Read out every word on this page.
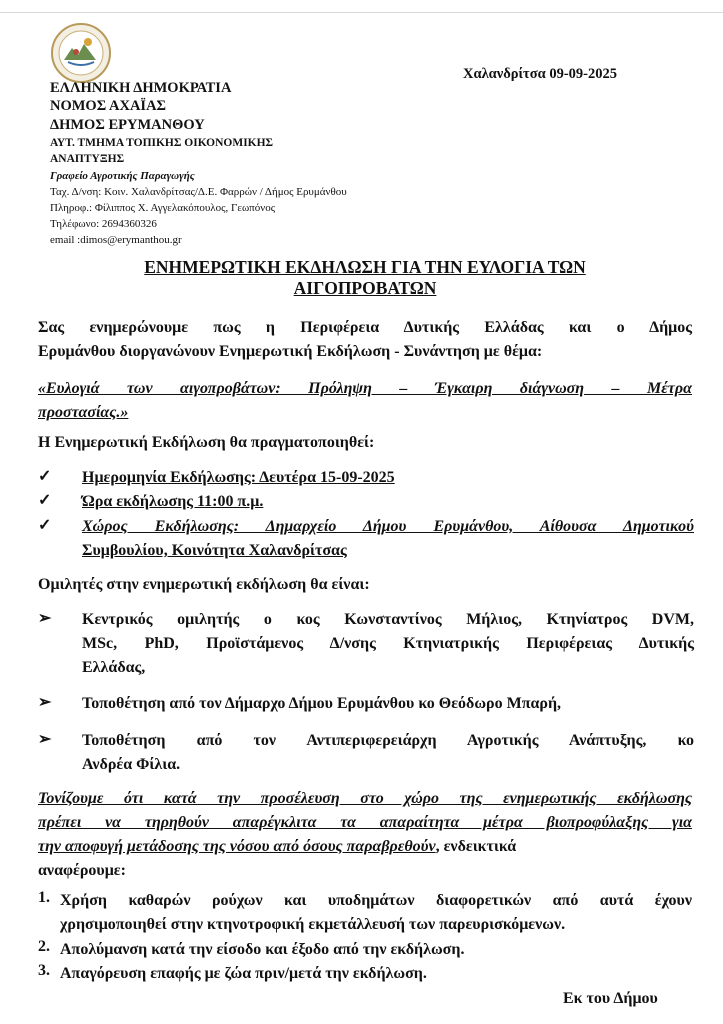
Χαλανδρίτσα 09-09-2025
ΕΛΛΗΝΙΚΗ ΔΗΜΟΚΡΑΤΙΑ
ΝΟΜΟΣ ΑΧΑΪΑΣ
ΔΗΜΟΣ ΕΡΥΜΑΝΘΟΥ
ΑΥΤ. ΤΜΗΜΑ ΤΟΠΙΚΗΣ ΟΙΚΟΝΟΜΙΚΗΣ
ΑΝΑΠΤΥΞΗΣ
Γραφείο Αγροτικής Παραγωγής
Ταχ. Δ/νση: Κοιν. Χαλανδρίτσας/Δ.Ε. Φαρρών / Δήμος Ερυμάνθου
Πληροφ.: Φίλιππος Χ. Αγγελακόπουλος, Γεωπόνος
Τηλέφωνο: 2694360326
email :dimos@erymanthou.gr
ΕΝΗΜΕΡΩΤΙΚΗ ΕΚΔΗΛΩΣΗ ΓΙΑ ΤΗΝ ΕΥΛΟΓΙΑ ΤΩΝ
ΑΙΓΟΠΡΟΒΑΤΩΝ
Σας ενημερώνουμε πως η Περιφέρεια Δυτικής Ελλάδας και ο Δήμος
Ερυμάνθου διοργανώνουν Ενημερωτική Εκδήλωση - Συνάντηση με θέμα:
«Ευλογιά των αιγοπροβάτων: Πρόληψη – Έγκαιρη διάγνωση – Μέτρα
προστασίας.»
Η Ενημερωτική Εκδήλωση θα πραγματοποιηθεί:
✓ Ημερομηνία Εκδήλωσης: Δευτέρα 15-09-2025
✓ Ώρα εκδήλωσης 11:00 π.μ.
✓ Χώρος Εκδήλωσης: Δημαρχείο Δήμου Ερυμάνθου, Αίθουσα Δημοτικού
Συμβουλίου, Κοινότητα Χαλανδρίτσας
Ομιλητές στην ενημερωτική εκδήλωση θα είναι:
➢ Κεντρικός ομιλητής ο κος Κωνσταντίνος Μήλιος, Κτηνίατρος DVM,
MSc, PhD, Προϊστάμενος Δ/νσης Κτηνιατρικής Περιφέρειας Δυτικής
Ελλάδας,
➢ Τοποθέτηση από τον Δήμαρχο Δήμου Ερυμάνθου κο Θεόδωρο Μπαρή,
➢ Τοποθέτηση από τον Αντιπεριφερειάρχη Αγροτικής Ανάπτυξης, κο
Ανδρέα Φίλια.
Τονίζουμε ότι κατά την προσέλευση στο χώρο της ενημερωτικής εκδήλωσης
πρέπει να τηρηθούν απαρέγκλιτα τα απαραίτητα μέτρα βιοπροφύλαξης για
την αποφυγή μετάδοσης της νόσου από όσους παραβρεθούν, ενδεικτικά
αναφέρουμε:
1. Χρήση καθαρών ρούχων και υποδημάτων διαφορετικών από αυτά έχουν
χρησιμοποιηθεί στην κτηνοτροφική εκμετάλλευσή των παρευρισκόμενων.
2. Απολύμανση κατά την είσοδο και έξοδο από την εκδήλωση.
3. Απαγόρευση επαφής με ζώα πριν/μετά την εκδήλωση.
Εκ του Δήμου
